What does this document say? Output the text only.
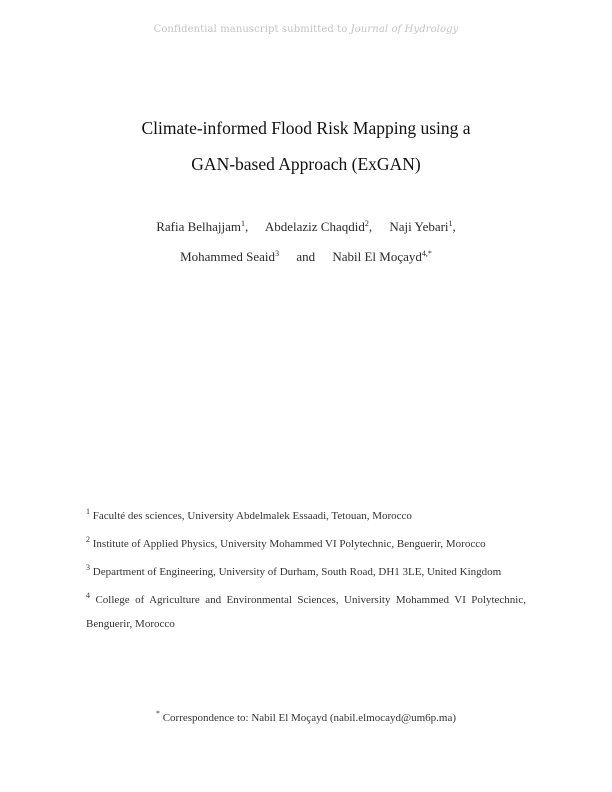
Confidential manuscript submitted to Journal of Hydrology
Climate-informed Flood Risk Mapping using a
GAN-based Approach (ExGAN)
Rafia Belhajjam$^1$, Abdelaziz Chaqdid$^2$, Naji Yebari$^1$,
Mohammed Seaid$^3$ and Nabil El Moçayd$^{4,*}$

$^1$ Faculté des sciences, University Abdelmalek Essaadi, Tetouan, Morocco

$^2$ Institute of Applied Physics, University Mohammed VI Polytechnic, Benguerir, Morocco

$^3$ Department of Engineering, University of Durham, South Road, DH1 3LE, United Kingdom

$^4$ College of Agriculture and Environmental Sciences, University Mohammed VI Polytechnic, Benguerir, Morocco

* Correspondence to: Nabil El Moçayd (nabil.elmocayd@um6p.ma)
